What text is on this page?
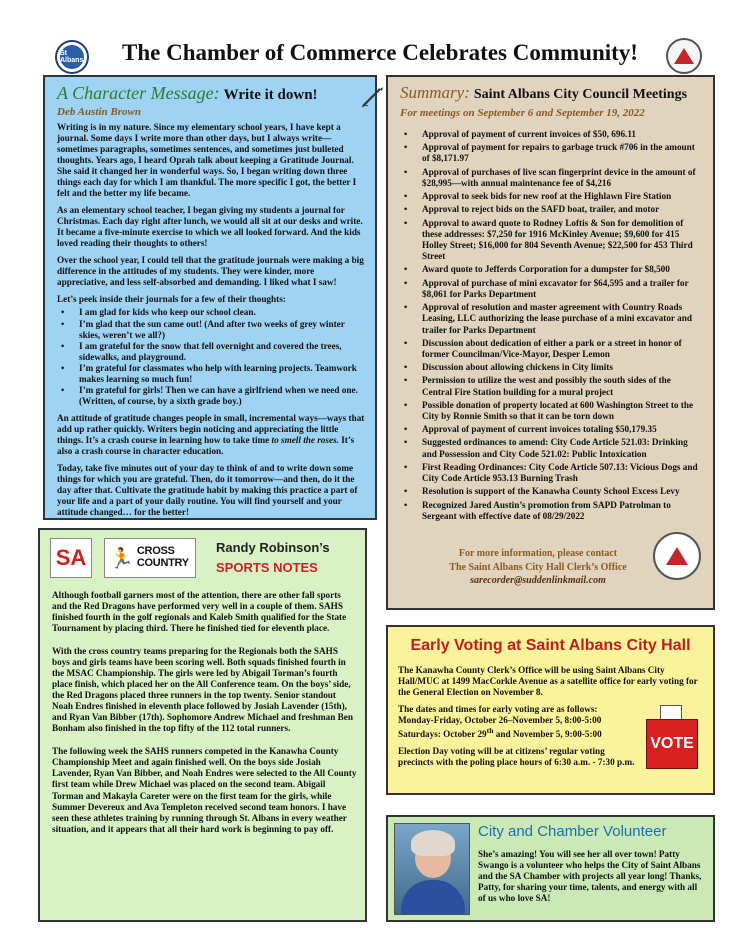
St Albans	The Chamber of Commerce Celebrates Community!
A Character Message: Write it down!
Deb Austin Brown

Writing is in my nature. Since my elementary school years, I have kept a journal. Some days I write more than other days, but I always write—sometimes paragraphs, sometimes sentences, and sometimes just bulleted thoughts. Years ago, I heard Oprah talk about keeping a Gratitude Journal. She said it changed her in wonderful ways. So, I began writing down three things each day for which I am thankful. The more specific I got, the better I felt and the better my life became.

As an elementary school teacher, I began giving my students a journal for Christmas. Each day right after lunch, we would all sit at our desks and write. It became a five-minute exercise to which we all looked forward. And the kids loved reading their thoughts to others!

Over the school year, I could tell that the gratitude journals were making a big difference in the attitudes of my students. They were kinder, more appreciative, and less self-absorbed and demanding. I liked what I saw!

Let’s peek inside their journals for a few of their thoughts:

• I am glad for kids who keep our school clean.
• I’m glad that the sun came out! (And after two weeks of grey winter skies, weren’t we all?)
• I am grateful for the snow that fell overnight and covered the trees, sidewalks, and playground.
• I’m grateful for classmates who help with learning projects. Teamwork makes learning so much fun!
• I’m grateful for girls! Then we can have a girlfriend when we need one. (Written, of course, by a sixth grade boy.)

An attitude of gratitude changes people in small, incremental ways—ways that add up rather quickly. Writers begin noticing and appreciating the little things. It’s a crash course in learning how to take time to smell the roses. It’s also a crash course in character education.

Today, take five minutes out of your day to think of and to write down some things for which you are grateful. Then, do it tomorrow—and then, do it the day after that. Cultivate the gratitude habit by making this practice a part of your life and a part of your daily routine. You will find yourself and your attitude changed… for the better!

Summary: Saint Albans City Council Meetings
For meetings on September 6 and September 19, 2022
• Approval of payment of current invoices of $50, 696.11
• Approval of payment for repairs to garbage truck #706 in the amount of $8,171.97
• Approval of purchases of live scan fingerprint device in the amount of $28,995—with annual maintenance fee of $4,216
• Approval to seek bids for new roof at the Highlawn Fire Station
• Approval to reject bids on the SAFD boat, trailer, and motor
• Approval to award quote to Rodney Loftis & Son for demolition of these addresses: $7,250 for 1916 McKinley Avenue; $9,600 for 415 Holley Street; $16,000 for 804 Seventh Avenue; $22,500 for 453 Third Street
• Award quote to Jefferds Corporation for a dumpster for $8,500
• Approval of purchase of mini excavator for $64,595 and a trailer for $8,061 for Parks Department
• Approval of resolution and master agreement with Country Roads Leasing, LLC authorizing the lease purchase of a mini excavator and trailer for Parks Department
• Discussion about dedication of either a park or a street in honor of former Councilman/Vice-Mayor, Desper Lemon
• Discussion about allowing chickens in City limits
• Permission to utilize the west and possibly the south sides of the Central Fire Station building for a mural project
• Possible donation of property located at 600 Washington Street to the City by Ronnie Smith so that it can be torn down
• Approval of payment of current invoices totaling $50,179.35
• Suggested ordinances to amend: City Code Article 521.03: Drinking and Possession and City Code 521.02: Public Intoxication
• First Reading Ordinances: City Code Article 507.13: Vicious Dogs and City Code Article 953.13 Burning Trash
• Resolution is support of the Kanawha County School Excess Levy
• Recognized Jared Austin’s promotion from SAPD Patrolman to Sergeant with effective date of 08/29/2022
For more information, please contact
The Saint Albans City Hall Clerk’s Office
sarecorder@suddenlinkmail.com
SA 🏃 CROSS
COUNTRY
Randy Robinson’s
SPORTS NOTES

Although football garners most of the attention, there are other fall sports and the Red Dragons have performed very well in a couple of them. SAHS finished fourth in the golf regionals and Kaleb Smith qualified for the State Tournament by placing third. There he finished tied for eleventh place.

With the cross country teams preparing for the Regionals both the SAHS boys and girls teams have been scoring well. Both squads finished fourth in the MSAC Championship. The girls were led by Abigail Torman’s fourth place finish, which placed her on the All Conference team. On the boys’ side, the Red Dragons placed three runners in the top twenty. Senior standout Noah Endres finished in eleventh place followed by Josiah Lavender (15th), and Ryan Van Bibber (17th). Sophomore Andrew Michael and freshman Ben Bonham also finished in the top fifty of the 112 total runners.

The following week the SAHS runners competed in the Kanawha County Championship Meet and again finished well. On the boys side Josiah Lavender, Ryan Van Bibber, and Noah Endres were selected to the All County first team while Drew Michael was placed on the second team. Abigail Torman and Makayla Careter were on the first team for the girls, while Summer Devereux and Ava Templeton received second team honors. I have seen these athletes training by running through St. Albans in every weather situation, and it appears that all their hard work is beginning to pay off.

Early Voting at Saint Albans City Hall

The Kanawha County Clerk’s Office will be using Saint Albans City Hall/MUC at 1499 MacCorkle Avenue as a satellite office for early voting for the General Election on November 8.

The dates and times for early voting are as follows:
Monday-Friday, October 26–November 5, 8:00-5:00
Saturdays: October 29th and November 5, 9:00-5:00

Election Day voting will be at citizens’ regular voting precincts with the poling place hours of 6:30 a.m. - 7:30 p.m.

VOTE
City and Chamber Volunteer

She’s amazing! You will see her all over town! Patty Swango is a volunteer who helps the City of Saint Albans and the SA Chamber with projects all year long! Thanks, Patty, for sharing your time, talents, and energy with all of us who love SA!
